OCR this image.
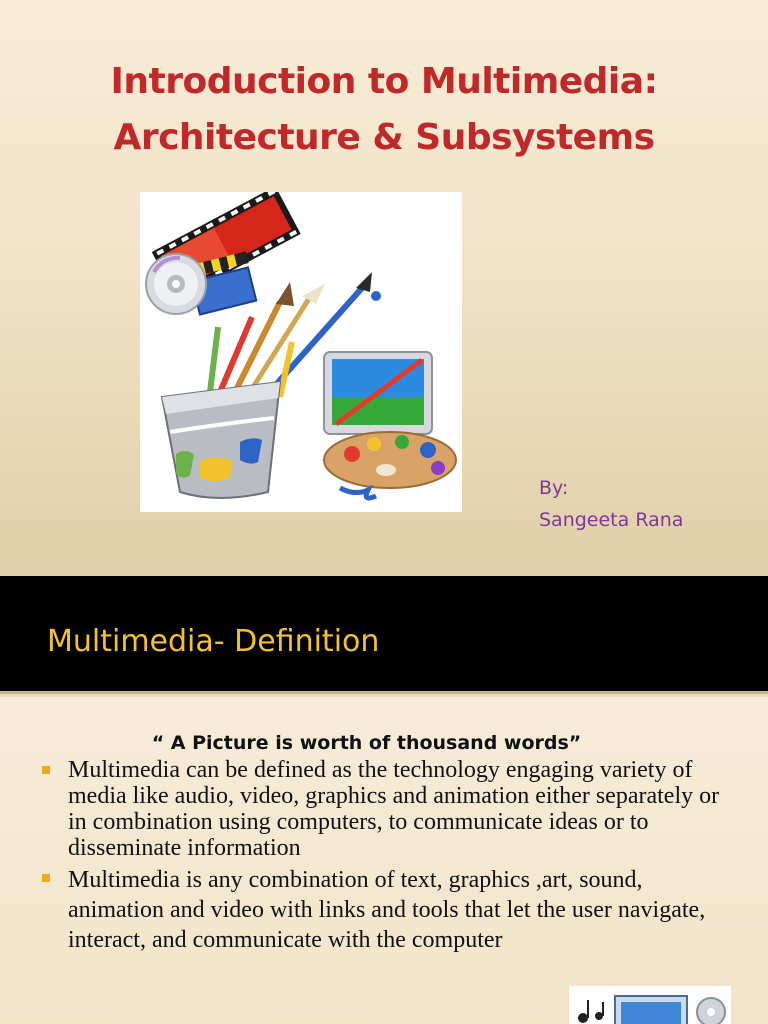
Introduction to Multimedia:
Architecture & Subsystems
By:
Sangeeta Rana
Multimedia- Definition
“ A Picture is worth of thousand words”
Multimedia can be defined as the technology engaging variety of media like audio, video, graphics and animation either separately or in combination using computers, to communicate ideas or to disseminate information
Multimedia is any combination of text, graphics ,art, sound, animation and video with links and tools that let the user navigate, interact, and communicate with the computer
